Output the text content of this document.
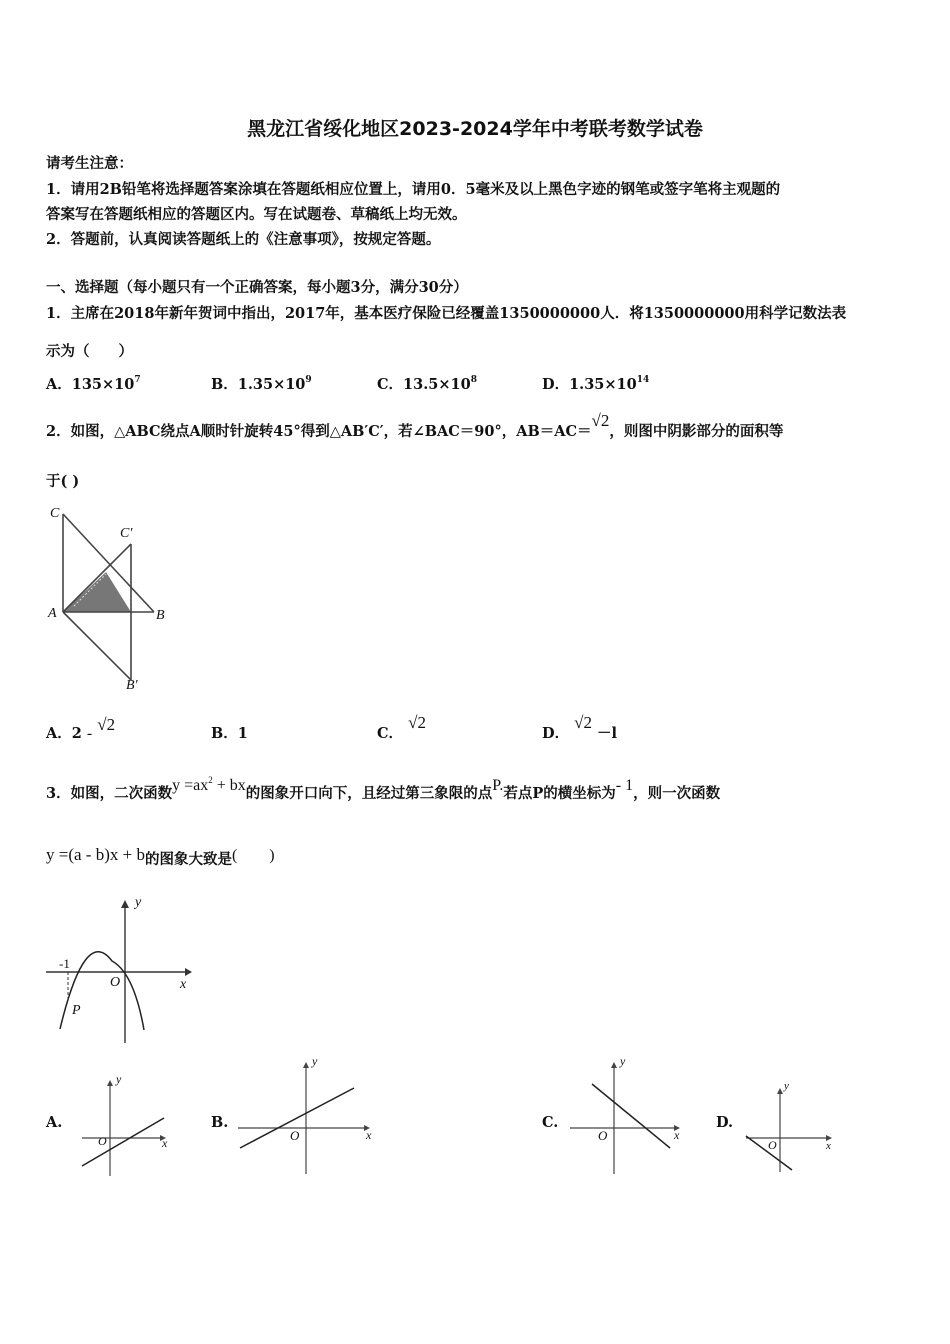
黑龙江省绥化地区2023-2024学年中考联考数学试卷
请考生注意：
1．请用2B铅笔将选择题答案涂填在答题纸相应位置上，请用0．5毫米及以上黑色字迹的钢笔或签字笔将主观题的
答案写在答题纸相应的答题区内。写在试题卷、草稿纸上均无效。
2．答题前，认真阅读答题纸上的《注意事项》，按规定答题。
一、选择题（每小题只有一个正确答案，每小题3分，满分30分）
1．主席在2018年新年贺词中指出，2017年，基本医疗保险已经覆盖1350000000人．将1350000000用科学记数法表
示为（　　）
A．$135\times 10^7$	B．$1.35\times 10^9$	C．$13.5\times 10^8$	D．$1.35\times 10^{14}$
2．如图，△ABC绕点A顺时针旋转45°得到△AB′C′，若∠BAC＝90°，AB＝AC＝√2，则图中阴影部分的面积等
于( )
C
C′
A	B
B′
A．2 - √2	B．1	C． √2
D． √2 －l
3．如图，二次函数$y =ax^2$ + bx的图象开口向下，且经过第三象限的点P.若点P的横坐标为- 1，则一次函数
y =(a - b)x + b的图象大致是(　　)
y
x
O
-1
P
A.
y
x
O
B.
y
x
O
C.
y
x
O
D.
y
x
O
